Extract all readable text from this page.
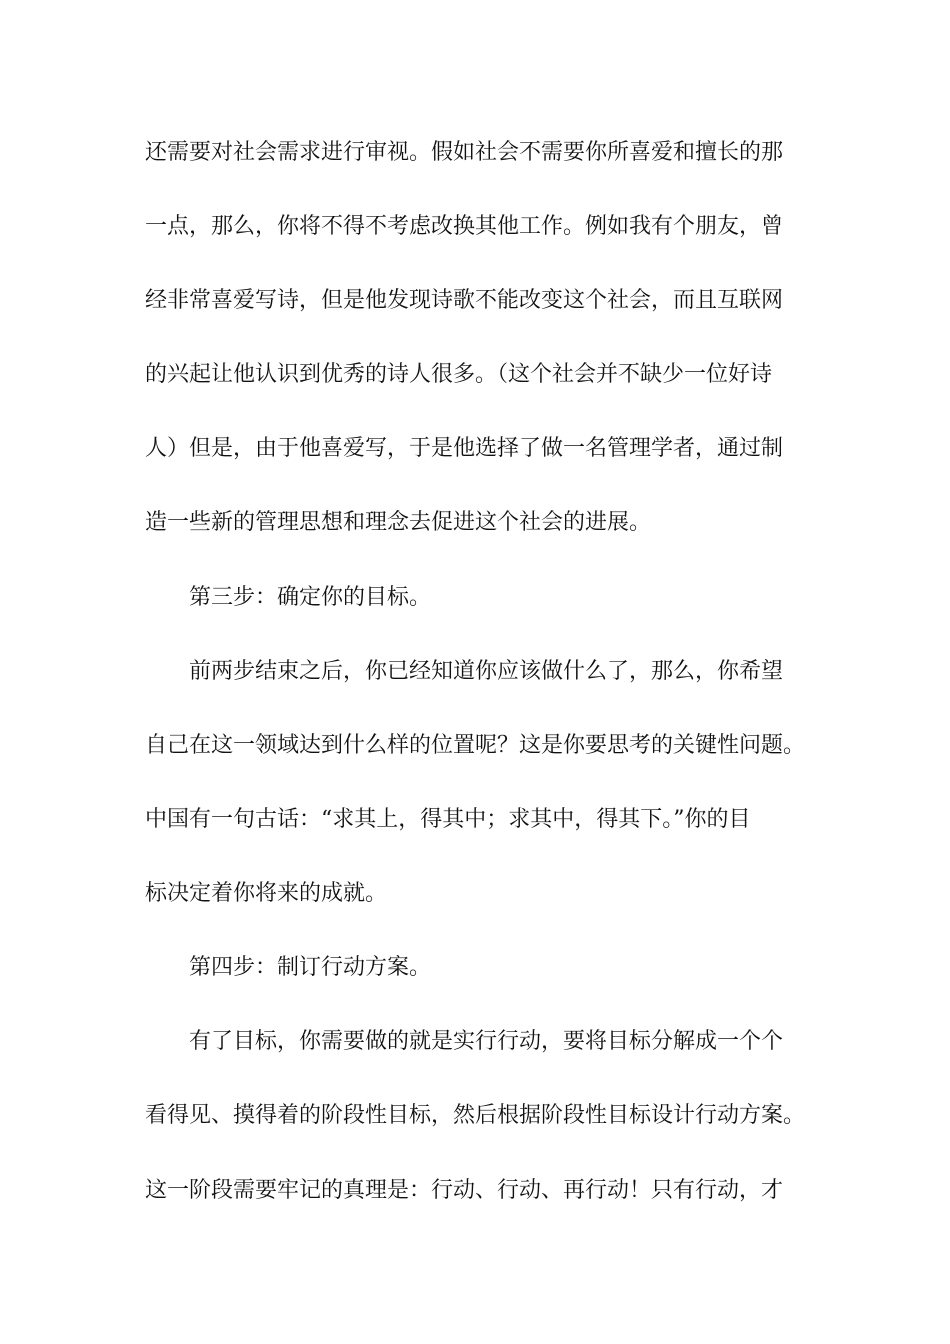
还需要对社会需求进行审视。假如社会不需要你所喜爱和擅长的那
一点，那么，你将不得不考虑改换其他工作。例如我有个朋友，曾
经非常喜爱写诗，但是他发现诗歌不能改变这个社会，而且互联网
的兴起让他认识到优秀的诗人很多。（这个社会并不缺少一位好诗
人）但是，由于他喜爱写，于是他选择了做一名管理学者，通过制
造一些新的管理思想和理念去促进这个社会的进展。
第三步：确定你的目标。
前两步结束之后，你已经知道你应该做什么了，那么，你希望
自己在这一领域达到什么样的位置呢？这是你要思考的关键性问题。
中国有一句古话：“求其上，得其中；求其中，得其下。”你的目
标决定着你将来的成就。
第四步：制订行动方案。
有了目标，你需要做的就是实行行动，要将目标分解成一个个
看得见、摸得着的阶段性目标，然后根据阶段性目标设计行动方案。
这一阶段需要牢记的真理是：行动、行动、再行动！只有行动，才
